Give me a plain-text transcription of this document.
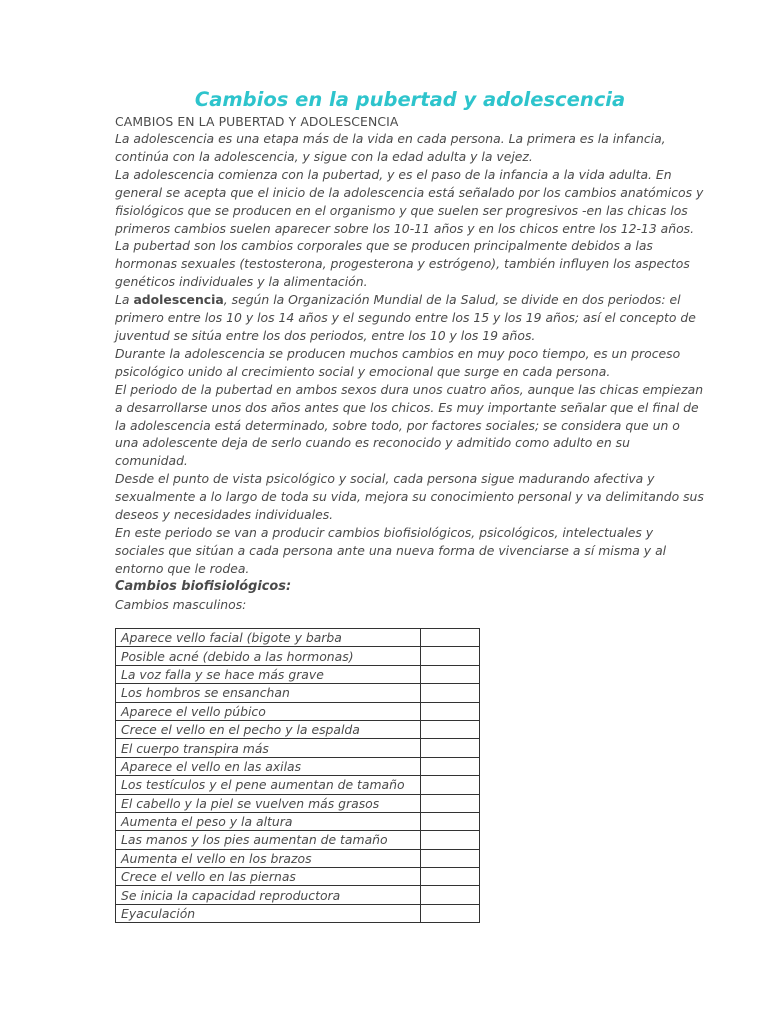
Cambios en la pubertad y adolescencia

CAMBIOS EN LA PUBERTAD Y ADOLESCENCIA

La adolescencia es una etapa más de la vida en cada persona. La primera es la infancia, continúa con la adolescencia, y sigue con la edad adulta y la vejez.

La adolescencia comienza con la pubertad, y es el paso de la infancia a la vida adulta. En general se acepta que el inicio de la adolescencia está señalado por los cambios anatómicos y fisiológicos que se producen en el organismo y que suelen ser progresivos -en las chicas los primeros cambios suelen aparecer sobre los 10-11 años y en los chicos entre los 12-13 años.

La pubertad son los cambios corporales que se producen principalmente debidos a las hormonas sexuales (testosterona, progesterona y estrógeno), también influyen los aspectos genéticos individuales y la alimentación.

La adolescencia, según la Organización Mundial de la Salud, se divide en dos periodos: el primero entre los 10 y los 14 años y el segundo entre los 15 y los 19 años; así el concepto de juventud se sitúa entre los dos periodos, entre los 10 y los 19 años.

Durante la adolescencia se producen muchos cambios en muy poco tiempo, es un proceso psicológico unido al crecimiento social y emocional que surge en cada persona.

El periodo de la pubertad en ambos sexos dura unos cuatro años, aunque las chicas empiezan a desarrollarse unos dos años antes que los chicos. Es muy importante señalar que el final de la adolescencia está determinado, sobre todo, por factores sociales; se considera que un o una adolescente deja de serlo cuando es reconocido y admitido como adulto en su comunidad.

Desde el punto de vista psicológico y social, cada persona sigue madurando afectiva y sexualmente a lo largo de toda su vida, mejora su conocimiento personal y va delimitando sus deseos y necesidades individuales.

En este periodo se van a producir cambios biofisiológicos, psicológicos, intelectuales y sociales que sitúan a cada persona ante una nueva forma de vivenciarse a sí misma y al entorno que le rodea.

Cambios biofisiológicos:

Cambios masculinos:

Aparece vello facial (bigote y barba	
Posible acné (debido a las hormonas)	
La voz falla y se hace más grave	
Los hombros se ensanchan	
Aparece el vello púbico	
Crece el vello en el pecho y la espalda	
El cuerpo transpira más	
Aparece el vello en las axilas	
Los testículos y el pene aumentan de tamaño	
El cabello y la piel se vuelven más grasos	
Aumenta el peso y la altura	
Las manos y los pies aumentan de tamaño	
Aumenta el vello en los brazos	
Crece el vello en las piernas	
Se inicia la capacidad reproductora	
Eyaculación	
